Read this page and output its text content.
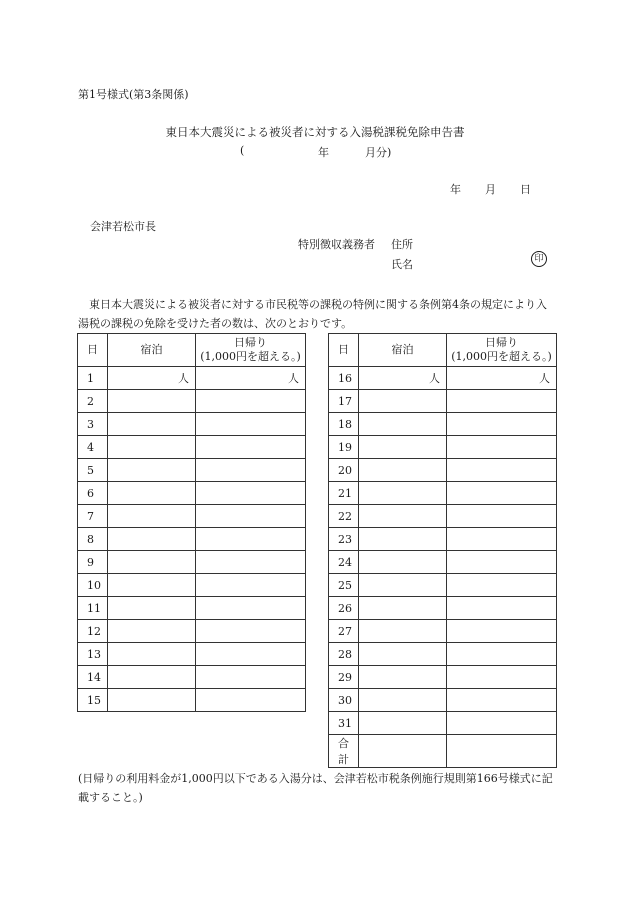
第1号様式(第3条関係)
東日本大震災による被災者に対する入湯税課税免除申告書
(	年	月分)
年 月 日
会津若松市長
特別徴収義務者 住所
氏名	印
東日本大震災による被災者に対する市民税等の課税の特例に関する条例第4条の規定により入湯税の課税の免除を受けた者の数は、次のとおりです。
日	宿泊	日帰り
(1,000円を超える。)
1	人	人
2		
3		
4		
5		
6		
7		
8		
9		
10		
11		
12		
13		
14		
15		
日	宿泊	日帰り
(1,000円を超える。)
16	人	人
17		
18		
19		
20		
21		
22		
23		
24		
25		
26		
27		
28		
29		
30		
31		
合計		
(日帰りの利用料金が1,000円以下である入湯分は、会津若松市税条例施行規則第166号様式に記載すること。)
